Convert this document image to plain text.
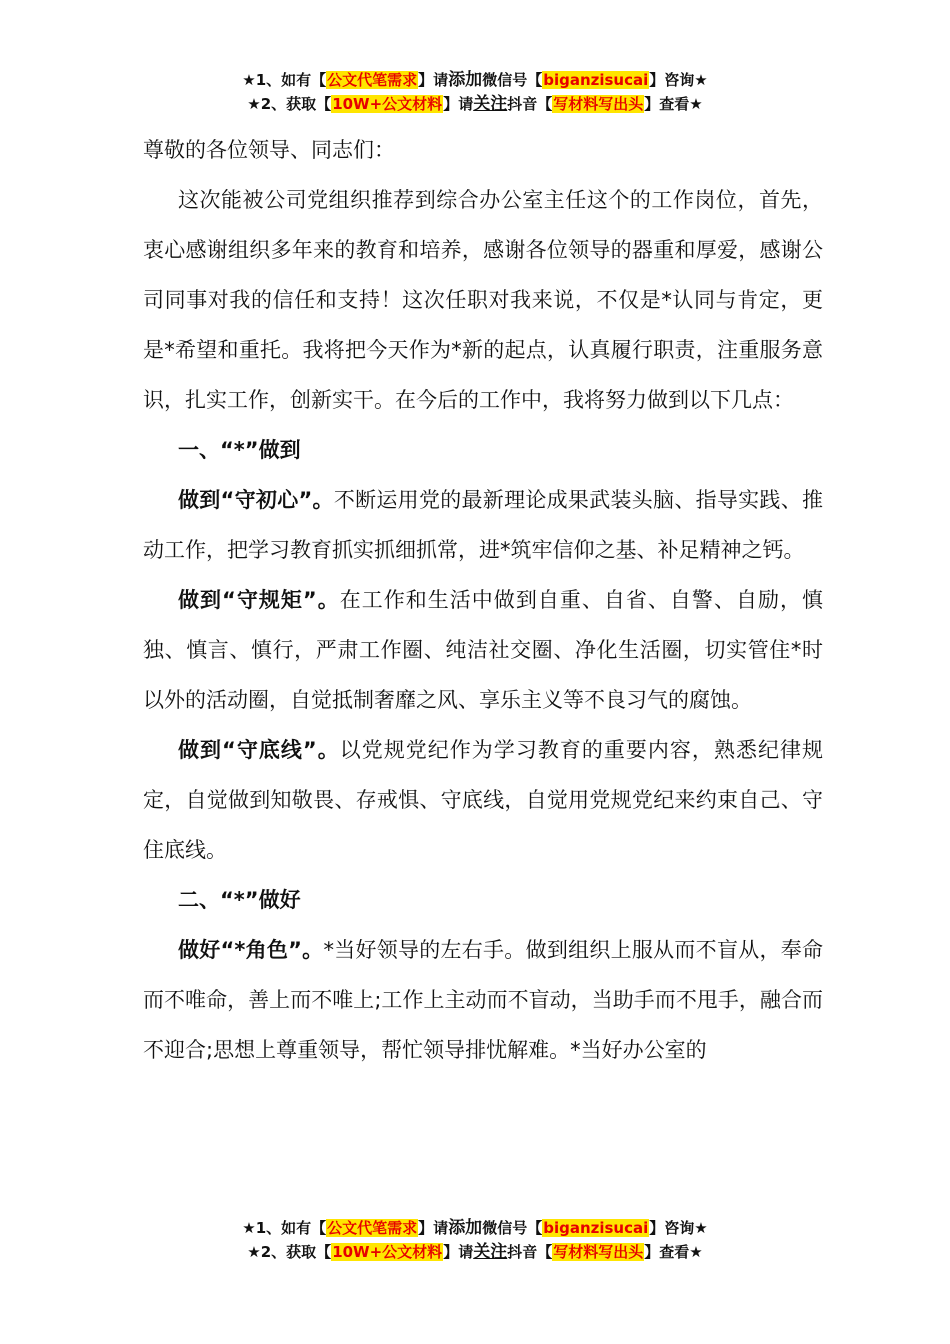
★1、如有【公文代笔需求】请添加微信号【biganzisucai】咨询★
★2、获取【10W+公文材料】请关注抖音【写材料写出头】查看★

尊敬的各位领导、同志们：

这次能被公司党组织推荐到综合办公室主任这个的工作岗位，首先，衷心感谢组织多年来的教育和培养，感谢各位领导的器重和厚爱，感谢公司同事对我的信任和支持！这次任职对我来说，不仅是*认同与肯定，更是*希望和重托。我将把今天作为*新的起点，认真履行职责，注重服务意识，扎实工作，创新实干。在今后的工作中，我将努力做到以下几点：

一、“*”做到

做到“守初心”。不断运用党的最新理论成果武装头脑、指导实践、推动工作，把学习教育抓实抓细抓常，进*筑牢信仰之基、补足精神之钙。

做到“守规矩”。在工作和生活中做到自重、自省、自警、自励，慎独、慎言、慎行，严肃工作圈、纯洁社交圈、净化生活圈，切实管住*时以外的活动圈，自觉抵制奢靡之风、享乐主义等不良习气的腐蚀。

做到“守底线”。以党规党纪作为学习教育的重要内容，熟悉纪律规定，自觉做到知敬畏、存戒惧、守底线，自觉用党规党纪来约束自己、守住底线。

二、“*”做好

做好“*角色”。*当好领导的左右手。做到组织上服从而不盲从，奉命而不唯命，善上而不唯上;工作上主动而不盲动，当助手而不甩手，融合而不迎合;思想上尊重领导，帮忙领导排忧解难。*当好办公室的

★1、如有【公文代笔需求】请添加微信号【biganzisucai】咨询★
★2、获取【10W+公文材料】请关注抖音【写材料写出头】查看★
